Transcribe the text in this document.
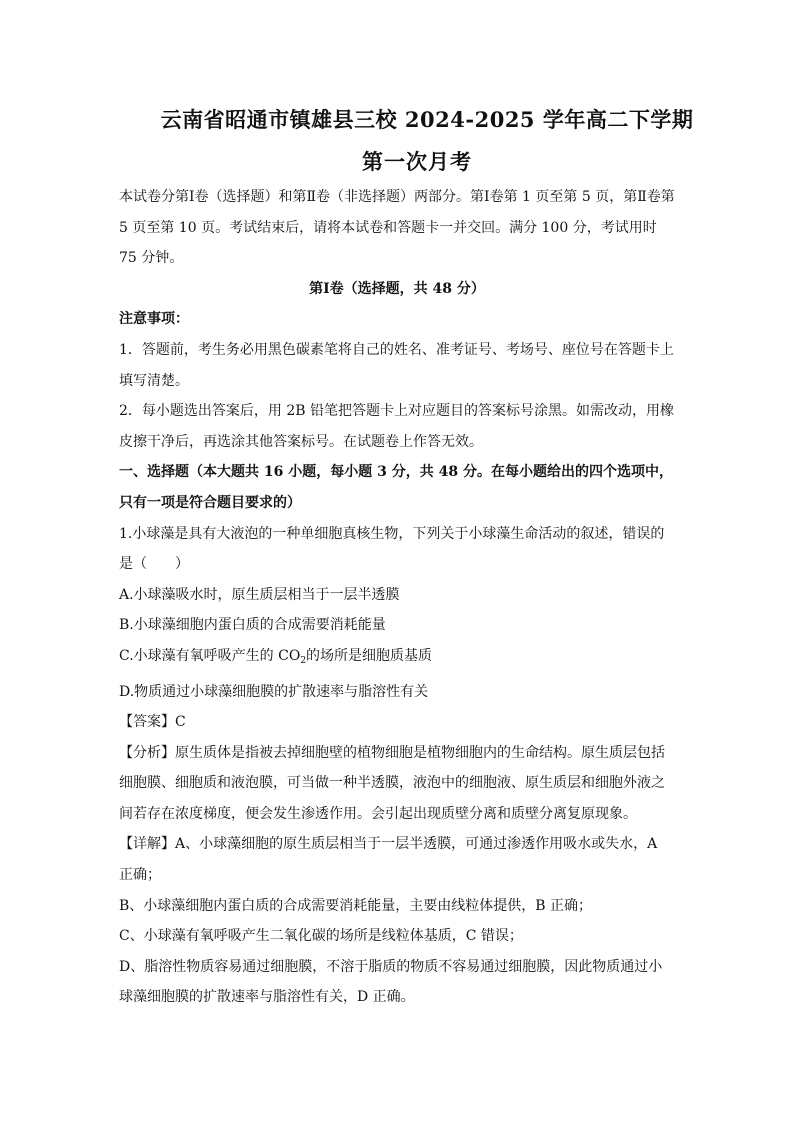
云南省昭通市镇雄县三校 2024-2025 学年高二下学期
第一次月考

本试卷分第Ⅰ卷（选择题）和第Ⅱ卷（非选择题）两部分。第Ⅰ卷第 1 页至第 5 页，第Ⅱ卷第 5 页至第 10 页。考试结束后，请将本试卷和答题卡一并交回。满分 100 分，考试用时 75 分钟。

第Ⅰ卷（选择题，共 48 分）

注意事项：

1．答题前，考生务必用黑色碳素笔将自己的姓名、准考证号、考场号、座位号在答题卡上填写清楚。

2．每小题选出答案后，用 2B 铅笔把答题卡上对应题目的答案标号涂黑。如需改动，用橡皮擦干净后，再选涂其他答案标号。在试题卷上作答无效。

一、选择题（本大题共 16 小题，每小题 3 分，共 48 分。在每小题给出的四个选项中，只有一项是符合题目要求的）

1.小球藻是具有大液泡的一种单细胞真核生物，下列关于小球藻生命活动的叙述，错误的是（　　）

A.小球藻吸水时，原生质层相当于一层半透膜

B.小球藻细胞内蛋白质的合成需要消耗能量

C.小球藻有氧呼吸产生的 $CO_2$的场所是细胞质基质

D.物质通过小球藻细胞膜的扩散速率与脂溶性有关

【答案】C

【分析】原生质体是指被去掉细胞壁的植物细胞是植物细胞内的生命结构。原生质层包括细胞膜、细胞质和液泡膜，可当做一种半透膜，液泡中的细胞液、原生质层和细胞外液之间若存在浓度梯度，便会发生渗透作用。会引起出现质壁分离和质壁分离复原现象。

【详解】A、小球藻细胞的原生质层相当于一层半透膜，可通过渗透作用吸水或失水，A 正确；

B、小球藻细胞内蛋白质的合成需要消耗能量，主要由线粒体提供，B 正确；

C、小球藻有氧呼吸产生二氧化碳的场所是线粒体基质，C 错误；

D、脂溶性物质容易通过细胞膜，不溶于脂质的物质不容易通过细胞膜，因此物质通过小球藻细胞膜的扩散速率与脂溶性有关，D 正确。
